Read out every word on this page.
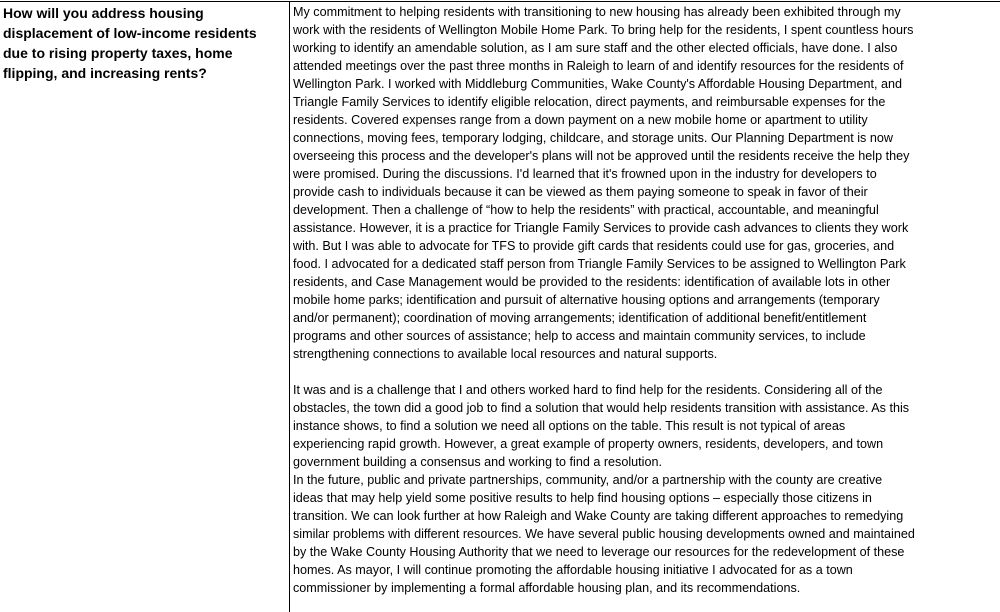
How will you address housing
displacement of low-income residents
due to rising property taxes, home
flipping, and increasing rents?
My commitment to helping residents with transitioning to new housing has already been exhibited through my
work with the residents of Wellington Mobile Home Park. To bring help for the residents, I spent countless hours
working to identify an amendable solution, as I am sure staff and the other elected officials, have done. I also
attended meetings over the past three months in Raleigh to learn of and identify resources for the residents of
Wellington Park. I worked with Middleburg Communities, Wake County's Affordable Housing Department, and
Triangle Family Services to identify eligible relocation, direct payments, and reimbursable expenses for the
residents. Covered expenses range from a down payment on a new mobile home or apartment to utility
connections, moving fees, temporary lodging, childcare, and storage units. Our Planning Department is now
overseeing this process and the developer's plans will not be approved until the residents receive the help they
were promised. During the discussions. I'd learned that it's frowned upon in the industry for developers to
provide cash to individuals because it can be viewed as them paying someone to speak in favor of their
development. Then a challenge of “how to help the residents” with practical, accountable, and meaningful
assistance. However, it is a practice for Triangle Family Services to provide cash advances to clients they work
with. But I was able to advocate for TFS to provide gift cards that residents could use for gas, groceries, and
food. I advocated for a dedicated staff person from Triangle Family Services to be assigned to Wellington Park
residents, and Case Management would be provided to the residents: identification of available lots in other
mobile home parks; identification and pursuit of alternative housing options and arrangements (temporary
and/or permanent); coordination of moving arrangements; identification of additional benefit/entitlement
programs and other sources of assistance; help to access and maintain community services, to include
strengthening connections to available local resources and natural supports.
It was and is a challenge that I and others worked hard to find help for the residents. Considering all of the
obstacles, the town did a good job to find a solution that would help residents transition with assistance. As this
instance shows, to find a solution we need all options on the table. This result is not typical of areas
experiencing rapid growth. However, a great example of property owners, residents, developers, and town
government building a consensus and working to find a resolution.
In the future, public and private partnerships, community, and/or a partnership with the county are creative
ideas that may help yield some positive results to help find housing options – especially those citizens in
transition. We can look further at how Raleigh and Wake County are taking different approaches to remedying
similar problems with different resources. We have several public housing developments owned and maintained
by the Wake County Housing Authority that we need to leverage our resources for the redevelopment of these
homes. As mayor, I will continue promoting the affordable housing initiative I advocated for as a town
commissioner by implementing a formal affordable housing plan, and its recommendations.
